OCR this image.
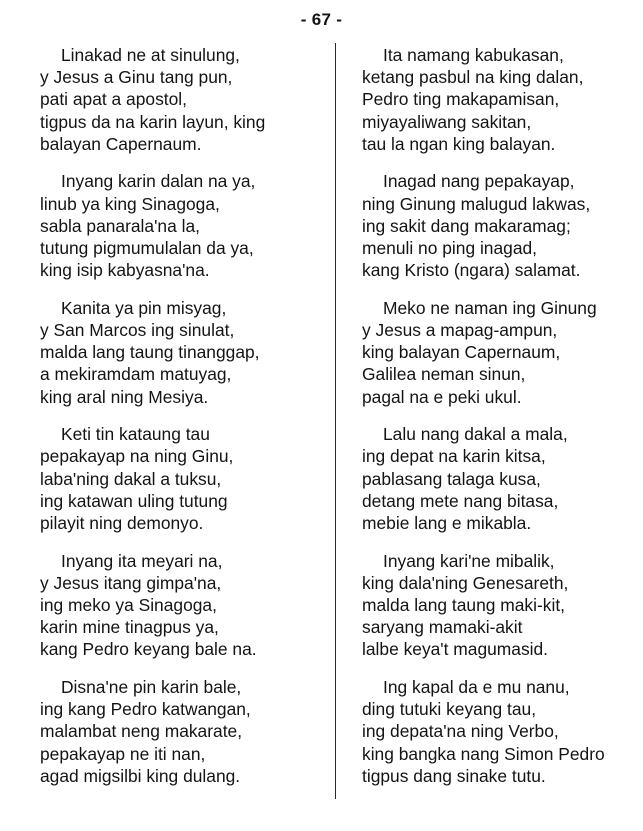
- 67 -
Linakad ne at sinulung,
y Jesus a Ginu tang pun,
pati apat a apostol,
tigpus da na karin layun, king
balayan Capernaum.
Inyang karin dalan na ya,
linub ya king Sinagoga,
sabla panarala'na la,
tutung pigmumulalan da ya,
king isip kabyasna'na.
Kanita ya pin misyag,
y San Marcos ing sinulat,
malda lang taung tinanggap,
a mekiramdam matuyag,
king aral ning Mesiya.
Keti tin kataung tau
pepakayap na ning Ginu,
laba'ning dakal a tuksu,
ing katawan uling tutung
pilayit ning demonyo.
Inyang ita meyari na,
y Jesus itang gimpa'na,
ing meko ya Sinagoga,
karin mine tinagpus ya,
kang Pedro keyang bale na.
Disna'ne pin karin bale,
ing kang Pedro katwangan,
malambat neng makarate,
pepakayap ne iti nan,
agad migsilbi king dulang.
Ita namang kabukasan,
ketang pasbul na king dalan,
Pedro ting makapamisan,
miyayaliwang sakitan,
tau la ngan king balayan.
Inagad nang pepakayap,
ning Ginung malugud lakwas,
ing sakit dang makaramag;
menuli no ping inagad,
kang Kristo (ngara) salamat.
Meko ne naman ing Ginung
y Jesus a mapag-ampun,
king balayan Capernaum,
Galilea neman sinun,
pagal na e peki ukul.
Lalu nang dakal a mala,
ing depat na karin kitsa,
pablasang talaga kusa,
detang mete nang bitasa,
mebie lang e mikabla.
Inyang kari'ne mibalik,
king dala'ning Genesareth,
malda lang taung maki-kit,
saryang mamaki-akit
lalbe keya't magumasid.
Ing kapal da e mu nanu,
ding tutuki keyang tau,
ing depata'na ning Verbo,
king bangka nang Simon Pedro
tigpus dang sinake tutu.
